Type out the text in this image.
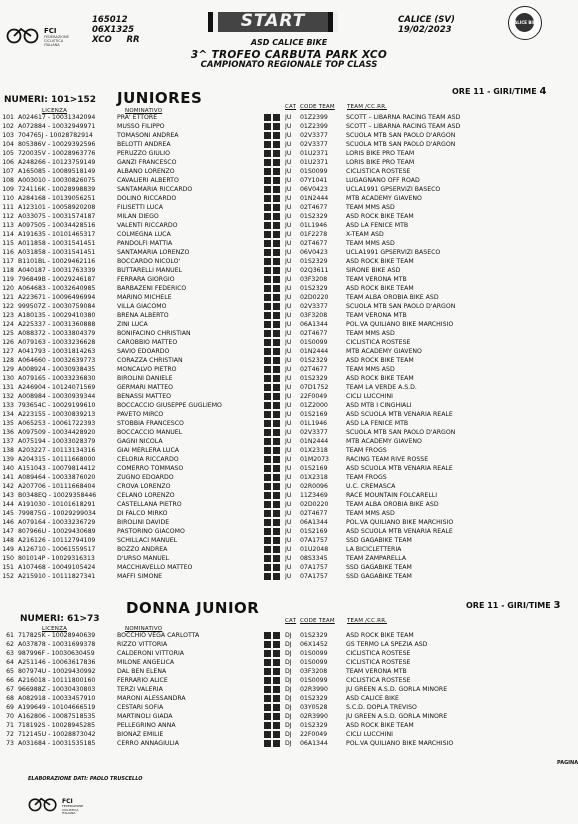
FCI
FEDERAZIONE CICLISTICA ITALIANA
165012
06X1325
XCO RR
START	CALICE (SV)
19/02/2023
CALICE BIKE
ASD CALICE BIKE
3^ TROFEO CARBUTA PARK XCO
CAMPIONATO REGIONALE TOP CLASS
NUMERI: 101>152 JUNIORES	ORE 11 - GIRI/TIME 4
LICENZA	NOMINATIVO
CAT CODE TEAM TEAM /CC.RR.
101 A024617 - 10031342094	PRA' ETTORE	JU	01Z2399	SCOTT – LIBARNA RACING TEAM ASD
102 A072884 - 10032949971	MUSSO FILIPPO	JU	01Z2399	SCOTT – LIBARNA RACING TEAM ASD
103 704765J - 10028782914	TOMASONI ANDREA	JU	02V3377	SCUOLA MTB SAN PAOLO D'ARGON
104 805386V - 10029392596	BELOTTI ANDREA	JU	02V3377	SCUOLA MTB SAN PAOLO D'ARGON
105 720035V - 10028963776	PERUZZO GIULIO	JU	01U2371	LORIS BIKE PRO TEAM
106 A248266 - 10123759149	GANZI FRANCESCO	JU	01U2371	LORIS BIKE PRO TEAM
107 A165085 - 10089518149	ALBANO LORENZO	JU	01S0099	CICLISTICA ROSTESE
108 A003010 - 10030826075	CAVALIERI ALBERTO	JU	07Y1041	LUGAGNANO OFF ROAD
109 724116K - 10028998839	SANTAMARIA RICCARDO	JU	06V0423	UCLA1991 GPSERVIZI BASECO
110 A284168 - 10139056251	DOLINO RICCARDO	JU	01N2444	MTB ACADEMY GIAVENO
111 A123101 - 10058920208	FILISETTI LUCA	JU	02T4677	TEAM MMS ASD
112 A033075 - 10031574187	MILAN DIEGO	JU	01S2329	ASD ROCK BIKE TEAM
113 A097505 - 10034428516	VALENTI RICCARDO	JU	01L1946	ASD LA FENICE MTB
114 A191635 - 10101465317	COLMEGNA LUCA	JU	01F2278	X-TEAM ASD
115 A011858 - 10031541451	PANDOLFI MATTIA	JU	02T4677	TEAM MMS ASD
116 A031858 - 10031541451	SANTAMARIA LORENZO	JU	06V0423	UCLA1991 GPSERVIZI BASECO
117 B1101BL - 10029462116	BOCCARDO NICOLO'	JU	01S2329	ASD ROCK BIKE TEAM
118 A040187 - 10031763339	BUTTARELLI MANUEL	JU	02Q3611	SIRONE BIKE ASD
119 796849B - 10029246187	FERRARA GIORGIO	JU	03F3208	TEAM VERONA MTB
120 A064683 - 10032640985	BARBAZENI FEDERICO	JU	01S2329	ASD ROCK BIKE TEAM
121 A223671 - 10096496994	MARINO MICHELE	JU	02D0220	TEAM ALBA OROBIA BIKE ASD
122 999507Z - 10030759084	VILLA GIACOMO	JU	02V3377	SCUOLA MTB SAN PAOLO D'ARGON
123 A180135 - 10029410380	BRENA ALBERTO	JU	03F3208	TEAM VERONA MTB
124 A225337 - 10031360888	ZINI LUCA	JU	06A1344	POL.VA QUILIANO BIKE MARCHISIO
125 A088372 - 10033804379	BONIFACINO CHRISTIAN	JU	02T4677	TEAM MMS ASD
126 A079163 - 10033236628	CAROBBIO MATTEO	JU	01S0099	CICLISTICA ROSTESE
127 A041793 - 10031814263	SAVIO EDOARDO	JU	01N2444	MTB ACADEMY GIAVENO
128 A064660 - 10032639773	CORAZZA CHRISTIAN	JU	01S2329	ASD ROCK BIKE TEAM
129 A008924 - 10030938435	MONCALVO PIETRO	JU	02T4677	TEAM MMS ASD
130 A079165 - 10033236830	BIROLINI DANIELE	JU	01S2329	ASD ROCK BIKE TEAM
131 A246904 - 10124071569	GERMARI MATTEO	JU	07D1752	TEAM LA VERDE A.S.D.
132 A008984 - 10030939344	BENASSI MATTEO	JU	22F0049	CICLI LUCCHINI
133 793654C - 10029199610	BOCCACCIO GIUSEPPE GUGLIEMO	JU	01Z2000	ASD MTB I CINGHIALI
134 A223155 - 10030839213	PAVETO MIRCO	JU	01S2169	ASD SCUOLA MTB VENARIA REALE
135 A065253 - 10061722393	STOBBIA FRANCESCO	JU	01L1946	ASD LA FENICE MTB
136 A097509 - 10034428920	BOCCACCIO MANUEL	JU	02V3377	SCUOLA MTB SAN PAOLO D'ARGON
137 A075194 - 10033028379	GAGNI NICOLA	JU	01N2444	MTB ACADEMY GIAVENO
138 A203227 - 10113134316	GIAI MERLERA LUCA	JU	01X2318	TEAM FROGS
139 A204315 - 10111668000	CELORIA RICCARDO	JU	01M2073	RACING TEAM RIVE ROSSE
140 A151043 - 10079814412	COMERRO TOMMASO	JU	01S2169	ASD SCUOLA MTB VENARIA REALE
141 A089464 - 10033876020	ZUGNO EDOARDO	JU	01X2318	TEAM FROGS
142 A207706 - 10111668404	CROVA LORENZO	JU	02R0096	U.C. CREMASCA
143 B0348EQ - 10029358446	CELANO LORENZO	JU	11Z3469	RACE MOUNTAIN FOLCARELLI
144 A191030 - 10101618291	CASTELLANA PIETRO	JU	02D0220	TEAM ALBA OROBIA BIKE ASD
145 799875G - 10029299034	DI FALCO MIRKO	JU	02T4677	TEAM MMS ASD
146 A079164 - 10033236729	BIROLINI DAVIDE	JU	06A1344	POL.VA QUILIANO BIKE MARCHISIO
147 807966U - 10029430689	PASTORINO GIACOMO	JU	01S2169	ASD SCUOLA MTB VENARIA REALE
148 A216126 - 10112794109	SCHILLACI MANUEL	JU	07A1757	SSD GAGABIKE TEAM
149 A126710 - 10061559517	BOZZO ANDREA	JU	01U2048	LA BICICLETTERIA
150 801014P - 10029316313	D'URSO MANUEL	JU	08S3345	TEAM ZAMPARELLA
151 A107468 - 10049105424	MACCHIAVELLO MATTEO	JU	07A1757	SSD GAGABIKE TEAM
152 A215910 - 10111827341	MAFFI SIMONE	JU	07A1757	SSD GAGABIKE TEAM
NUMERI: 61>73
DONNA JUNIOR	ORE 11 - GIRI/TIME 3
LICENZA	NOMINATIVO
CAT CODE TEAM TEAM /CC.RR.
61 717825K - 10028940639	BOCCHIO VEGA CARLOTTA	DJ	01S2329	ASD ROCK BIKE TEAM
62 A037878 - 10031699378	RIZZO VITTORIA	DJ	06X1452	GS TERMO LA SPEZIA ASD
63 987996F - 10030630459	CALDERONI VITTORIA	DJ	01S0099	CICLISTICA ROSTESE
64 A251146 - 10063617836	MILONE ANGELICA	DJ	01S0099	CICLISTICA ROSTESE
65 807974U - 10029430992	DAL BEN ELENA	DJ	03F3208	TEAM VERONA MTB
66 A216018 - 10111800160	FERRARIO ALICE	DJ	01S0099	CICLISTICA ROSTESE
67 966988Z - 10030430803	TERZI VALERIA	DJ	02R3990	JU GREEN A.S.D. GORLA MINORE
68 A082918 - 10033457910	MARONI ALESSANDRA	DJ	01S2329	ASD CALICE BIKE
69 A199649 - 10104666519	CESTARI SOFIA	DJ	03Y0528	S.C.D. DOPLA TREVISO
70 A162806 - 10087518535	MARTINOLI GIADA	DJ	02R3990	JU GREEN A.S.D. GORLA MINORE
71 718192S - 10028945285	PELLEGRINO ANNA	DJ	01S2329	ASD ROCK BIKE TEAM
72 712145U - 10028873042	BIONAZ EMILIE	DJ	22F0049	CICLI LUCCHINI
73 A031684 - 10031535185	CERRO ANNAGIULIA	DJ	06A1344	POL.VA QUILIANO BIKE MARCHISIO
PAGINA
ELABORAZIONE DATI: PAOLO TRUSCELLO
FCI
FEDERAZIONE CICLISTICA ITALIANA
